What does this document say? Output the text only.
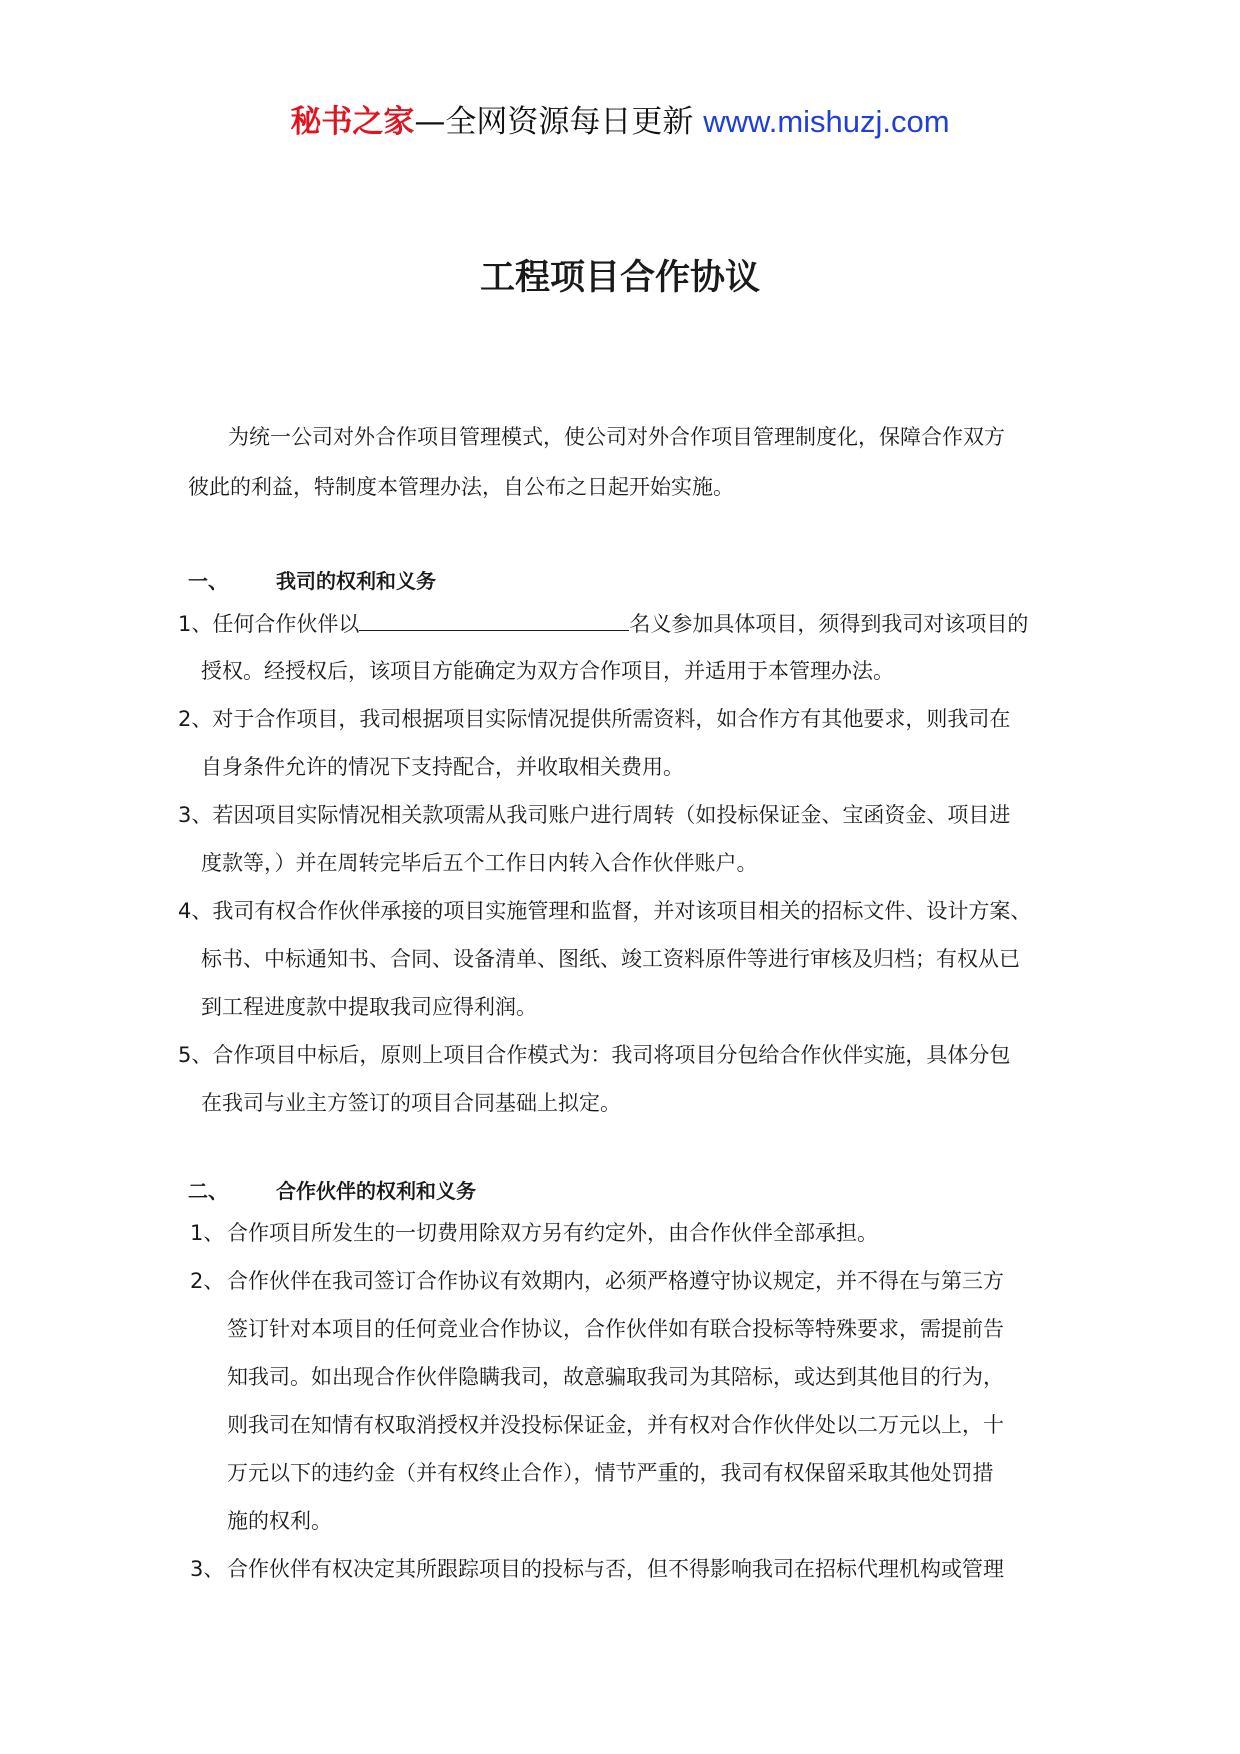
秘书之家—全网资源每日更新 www.mishuzj.com
工程项目合作协议
为统一公司对外合作项目管理模式，使公司对外合作项目管理制度化，保障合作双方
彼此的利益，特制度本管理办法，自公布之日起开始实施。
一、 我司的权利和义务
1、任何合作伙伴以	名义参加具体项目，须得到我司对该项目的
授权。经授权后，该项目方能确定为双方合作项目，并适用于本管理办法。
2、对于合作项目，我司根据项目实际情况提供所需资料，如合作方有其他要求，则我司在
自身条件允许的情况下支持配合，并收取相关费用。
3、若因项目实际情况相关款项需从我司账户进行周转（如投标保证金、宝函资金、项目进
度款等，）并在周转完毕后五个工作日内转入合作伙伴账户。
4、我司有权合作伙伴承接的项目实施管理和监督，并对该项目相关的招标文件、设计方案、
标书、中标通知书、合同、设备清单、图纸、竣工资料原件等进行审核及归档；有权从已
到工程进度款中提取我司应得利润。
5、合作项目中标后，原则上项目合作模式为：我司将项目分包给合作伙伴实施，具体分包
在我司与业主方签订的项目合同基础上拟定。
二、 合作伙伴的权利和义务
1、 合作项目所发生的一切费用除双方另有约定外，由合作伙伴全部承担。
2、 合作伙伴在我司签订合作协议有效期内，必须严格遵守协议规定，并不得在与第三方
签订针对本项目的任何竞业合作协议，合作伙伴如有联合投标等特殊要求，需提前告
知我司。如出现合作伙伴隐瞒我司，故意骗取我司为其陪标，或达到其他目的行为，
则我司在知情有权取消授权并没投标保证金，并有权对合作伙伴处以二万元以上，十
万元以下的违约金（并有权终止合作），情节严重的，我司有权保留采取其他处罚措
施的权利。
3、 合作伙伴有权决定其所跟踪项目的投标与否，但不得影响我司在招标代理机构或管理
